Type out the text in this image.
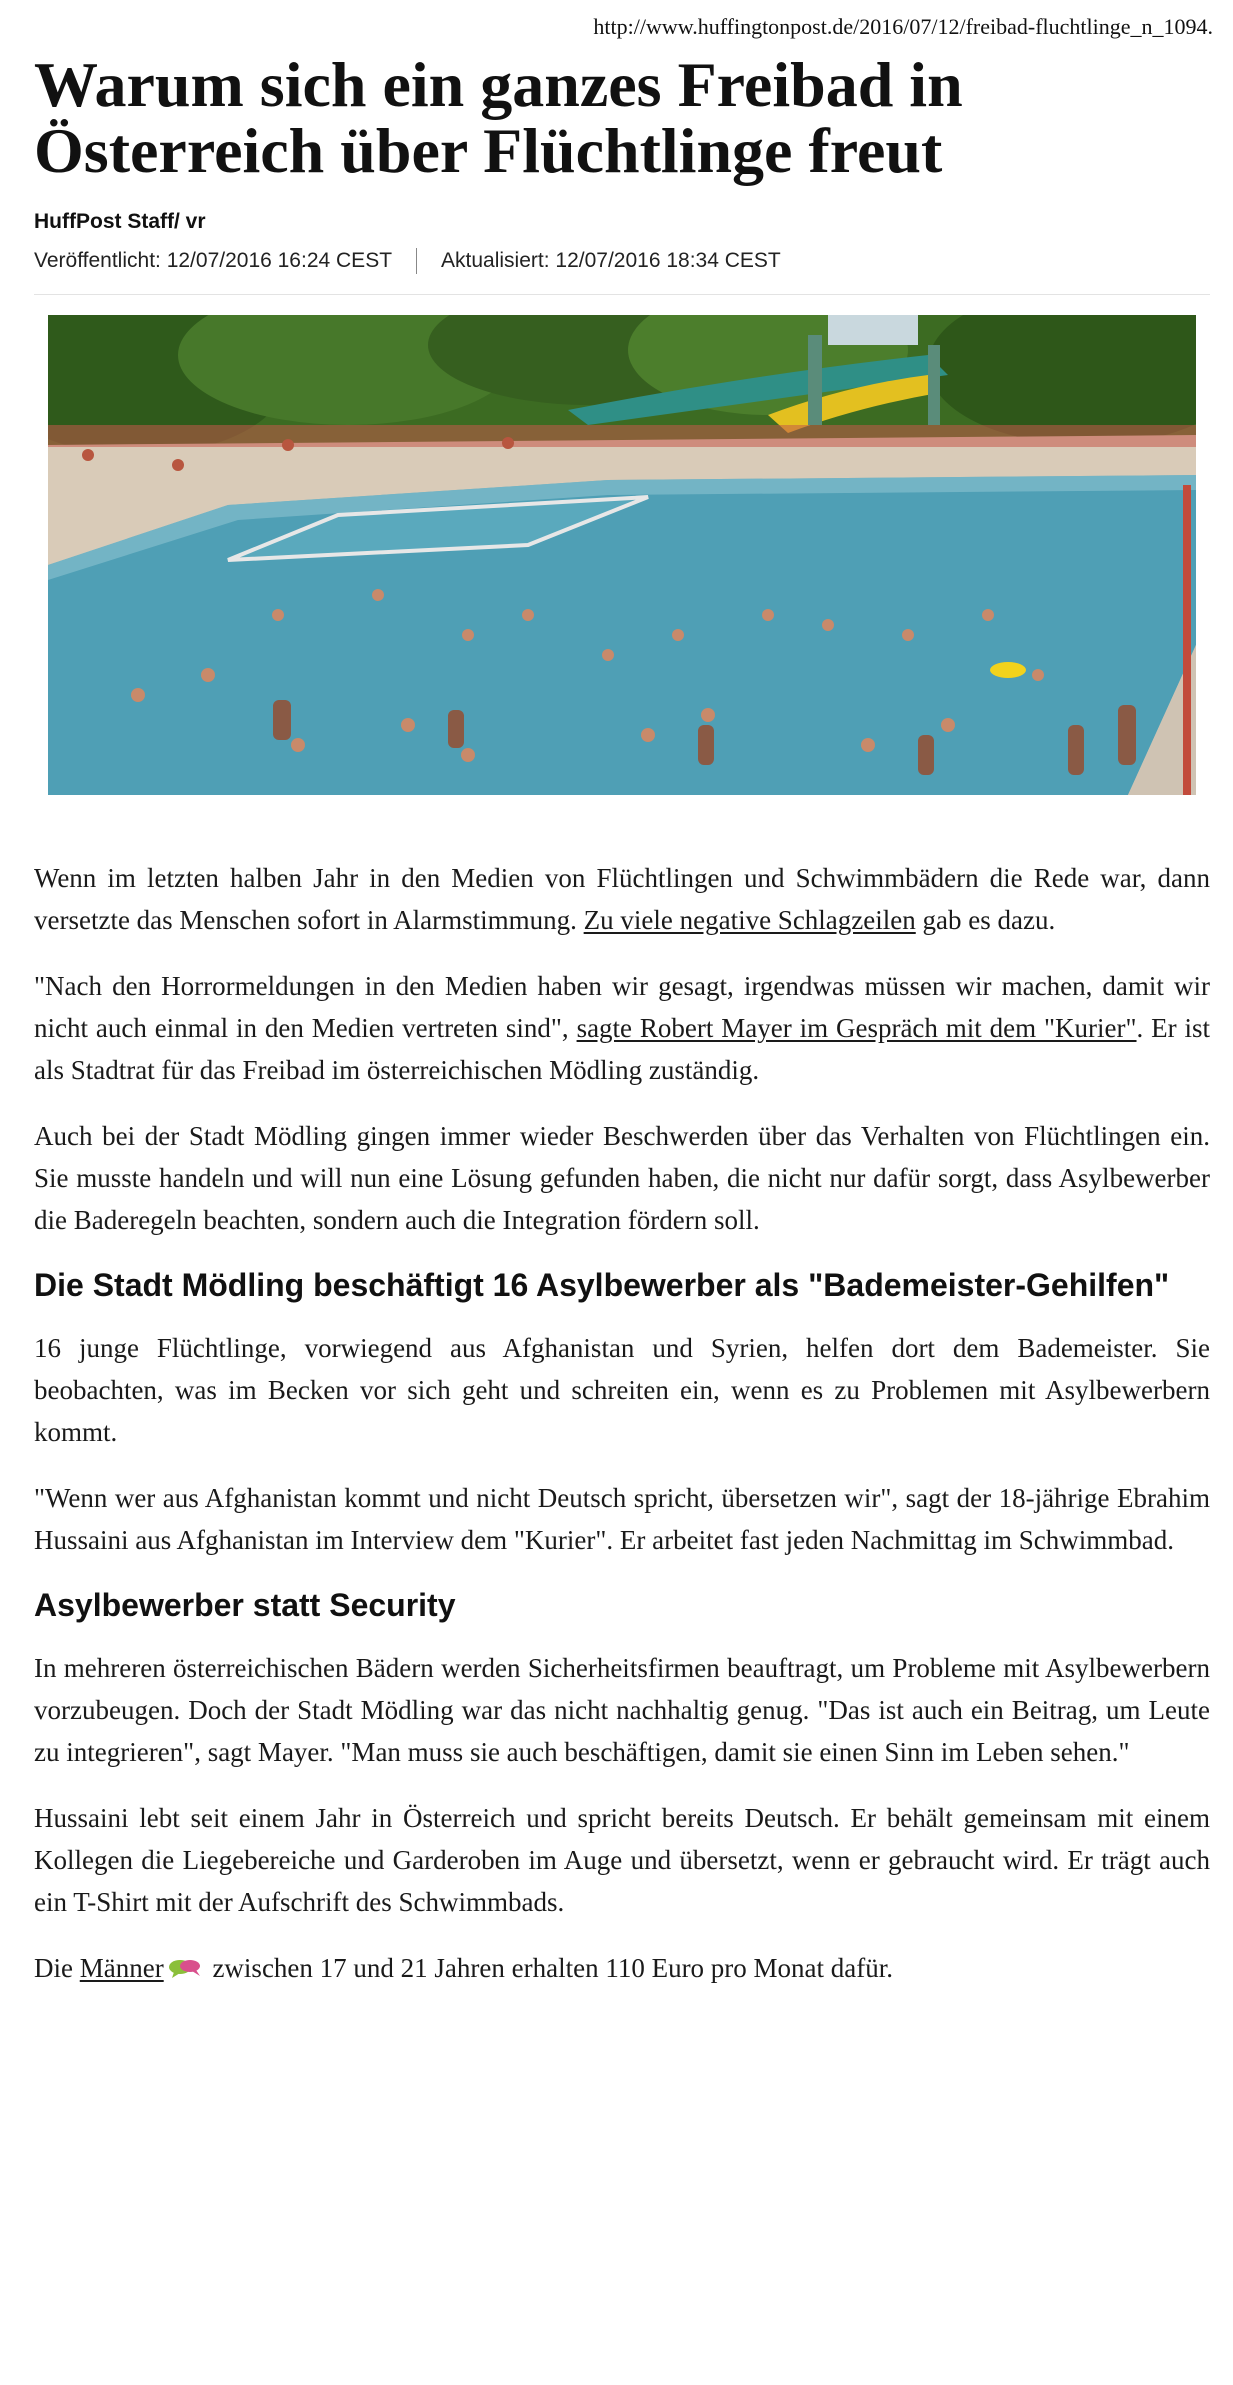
http://www.huffingtonpost.de/2016/07/12/freibad-fluchtlinge_n_1094.
Warum sich ein ganzes Freibad in Österreich über Flüchtlinge freut
HuffPost Staff/ vr
Veröffentlicht: 12/07/2016 16:24 CEST Aktualisiert: 12/07/2016 18:34 CEST

Wenn im letzten halben Jahr in den Medien von Flüchtlingen und Schwimmbädern die Rede war, dann versetzte das Menschen sofort in Alarmstimmung. Zu viele negative Schlagzeilen gab es dazu.

"Nach den Horrormeldungen in den Medien haben wir gesagt, irgendwas müssen wir machen, damit wir nicht auch einmal in den Medien vertreten sind", sagte Robert Mayer im Gespräch mit dem "Kurier". Er ist als Stadtrat für das Freibad im österreichischen Mödling zuständig.

Auch bei der Stadt Mödling gingen immer wieder Beschwerden über das Verhalten von Flüchtlingen ein. Sie musste handeln und will nun eine Lösung gefunden haben, die nicht nur dafür sorgt, dass Asylbewerber die Baderegeln beachten, sondern auch die Integration fördern soll.

Die Stadt Mödling beschäftigt 16 Asylbewerber als "Bademeister-Gehilfen"

16 junge Flüchtlinge, vorwiegend aus Afghanistan und Syrien, helfen dort dem Bademeister. Sie beobachten, was im Becken vor sich geht und schreiten ein, wenn es zu Problemen mit Asylbewerbern kommt.

"Wenn wer aus Afghanistan kommt und nicht Deutsch spricht, übersetzen wir", sagt der 18-jährige Ebrahim Hussaini aus Afghanistan im Interview dem "Kurier". Er arbeitet fast jeden Nachmittag im Schwimmbad.

Asylbewerber statt Security

In mehreren österreichischen Bädern werden Sicherheitsfirmen beauftragt, um Probleme mit Asylbewerbern vorzubeugen. Doch der Stadt Mödling war das nicht nachhaltig genug. "Das ist auch ein Beitrag, um Leute zu integrieren", sagt Mayer. "Man muss sie auch beschäftigen, damit sie einen Sinn im Leben sehen."

Hussaini lebt seit einem Jahr in Österreich und spricht bereits Deutsch. Er behält gemeinsam mit einem Kollegen die Liegebereiche und Garderoben im Auge und übersetzt, wenn er gebraucht wird. Er trägt auch ein T-Shirt mit der Aufschrift des Schwimmbads.

Die Männer zwischen 17 und 21 Jahren erhalten 110 Euro pro Monat dafür.
